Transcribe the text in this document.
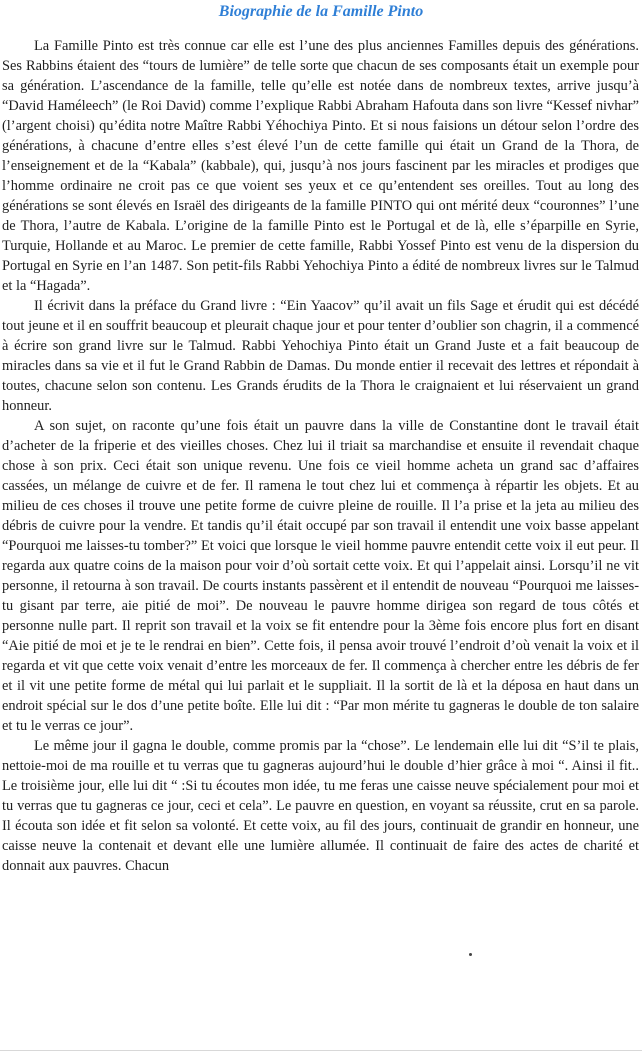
Biographie de la Famille Pinto

La Famille Pinto est très connue car elle est l’une des plus anciennes Familles depuis des générations. Ses Rabbins étaient des “tours de lumière” de telle sorte que chacun de ses composants était un exemple pour sa génération. L’ascendance de la famille, telle qu’elle est notée dans de nombreux textes, arrive jusqu’à “David Haméleech” (le Roi David) comme l’explique Rabbi Abraham Hafouta dans son livre “Kessef nivhar” (l’argent choisi) qu’édita notre Maître Rabbi Yéhochiya Pinto. Et si nous faisions un détour selon l’ordre des générations, à chacune d’entre elles s’est élevé l’un de cette famille qui était un Grand de la Thora, de l’enseignement et de la “Kabala” (kabbale), qui, jusqu’à nos jours fascinent par les miracles et prodiges que l’homme ordinaire ne croit pas ce que voient ses yeux et ce qu’entendent ses oreilles. Tout au long des générations se sont élevés en Israël des dirigeants de la famille PINTO qui ont mérité deux “couronnes” l’une de Thora, l’autre de Kabala. L’origine de la famille Pinto est le Portugal et de là, elle s’éparpille en Syrie, Turquie, Hollande et au Maroc. Le premier de cette famille, Rabbi Yossef Pinto est venu de la dispersion du Portugal en Syrie en l’an 1487. Son petit-fils Rabbi Yehochiya Pinto a édité de nombreux livres sur le Talmud et la “Hagada”.

Il écrivit dans la préface du Grand livre : “Ein Yaacov” qu’il avait un fils Sage et érudit qui est décédé tout jeune et il en souffrit beaucoup et pleurait chaque jour et pour tenter d’oublier son chagrin, il a commencé à écrire son grand livre sur le Talmud. Rabbi Yehochiya Pinto était un Grand Juste et a fait beaucoup de miracles dans sa vie et il fut le Grand Rabbin de Damas. Du monde entier il recevait des lettres et répondait à toutes, chacune selon son contenu. Les Grands érudits de la Thora le craignaient et lui réservaient un grand honneur.

A son sujet, on raconte qu’une fois était un pauvre dans la ville de Constantine dont le travail était d’acheter de la friperie et des vieilles choses. Chez lui il triait sa marchandise et ensuite il revendait chaque chose à son prix. Ceci était son unique revenu. Une fois ce vieil homme acheta un grand sac d’affaires cassées, un mélange de cuivre et de fer. Il ramena le tout chez lui et commença à répartir les objets. Et au milieu de ces choses il trouve une petite forme de cuivre pleine de rouille. Il l’a prise et la jeta au milieu des débris de cuivre pour la vendre. Et tandis qu’il était occupé par son travail il entendit une voix basse appelant “Pourquoi me laisses-tu tomber?” Et voici que lorsque le vieil homme pauvre entendit cette voix il eut peur. Il regarda aux quatre coins de la maison pour voir d’où sortait cette voix. Et qui l’appelait ainsi. Lorsqu’il ne vit personne, il retourna à son travail. De courts instants passèrent et il entendit de nouveau “Pourquoi me laisses-tu gisant par terre, aie pitié de moi”. De nouveau le pauvre homme dirigea son regard de tous côtés et personne nulle part. Il reprit son travail et la voix se fit entendre pour la 3ème fois encore plus fort en disant “Aie pitié de moi et je te le rendrai en bien”. Cette fois, il pensa avoir trouvé l’endroit d’où venait la voix et il regarda et vit que cette voix venait d’entre les morceaux de fer. Il commença à chercher entre les débris de fer et il vit une petite forme de métal qui lui parlait et le suppliait. Il la sortit de là et la déposa en haut dans un endroit spécial sur le dos d’une petite boîte. Elle lui dit : “Par mon mérite tu gagneras le double de ton salaire et tu le verras ce jour”.

Le même jour il gagna le double, comme promis par la “chose”. Le lendemain elle lui dit “S’il te plais, nettoie-moi de ma rouille et tu verras que tu gagneras aujourd’hui le double d’hier grâce à moi “. Ainsi il fit.. Le troisième jour, elle lui dit “ :Si tu écoutes mon idée, tu me feras une caisse neuve spécialement pour moi et tu verras que tu gagneras ce jour, ceci et cela”. Le pauvre en question, en voyant sa réussite, crut en sa parole. Il écouta son idée et fit selon sa volonté. Et cette voix, au fil des jours, continuait de grandir en honneur, une caisse neuve la contenait et devant elle une lumière allumée. Il continuait de faire des actes de charité et donnait aux pauvres. Chacun
